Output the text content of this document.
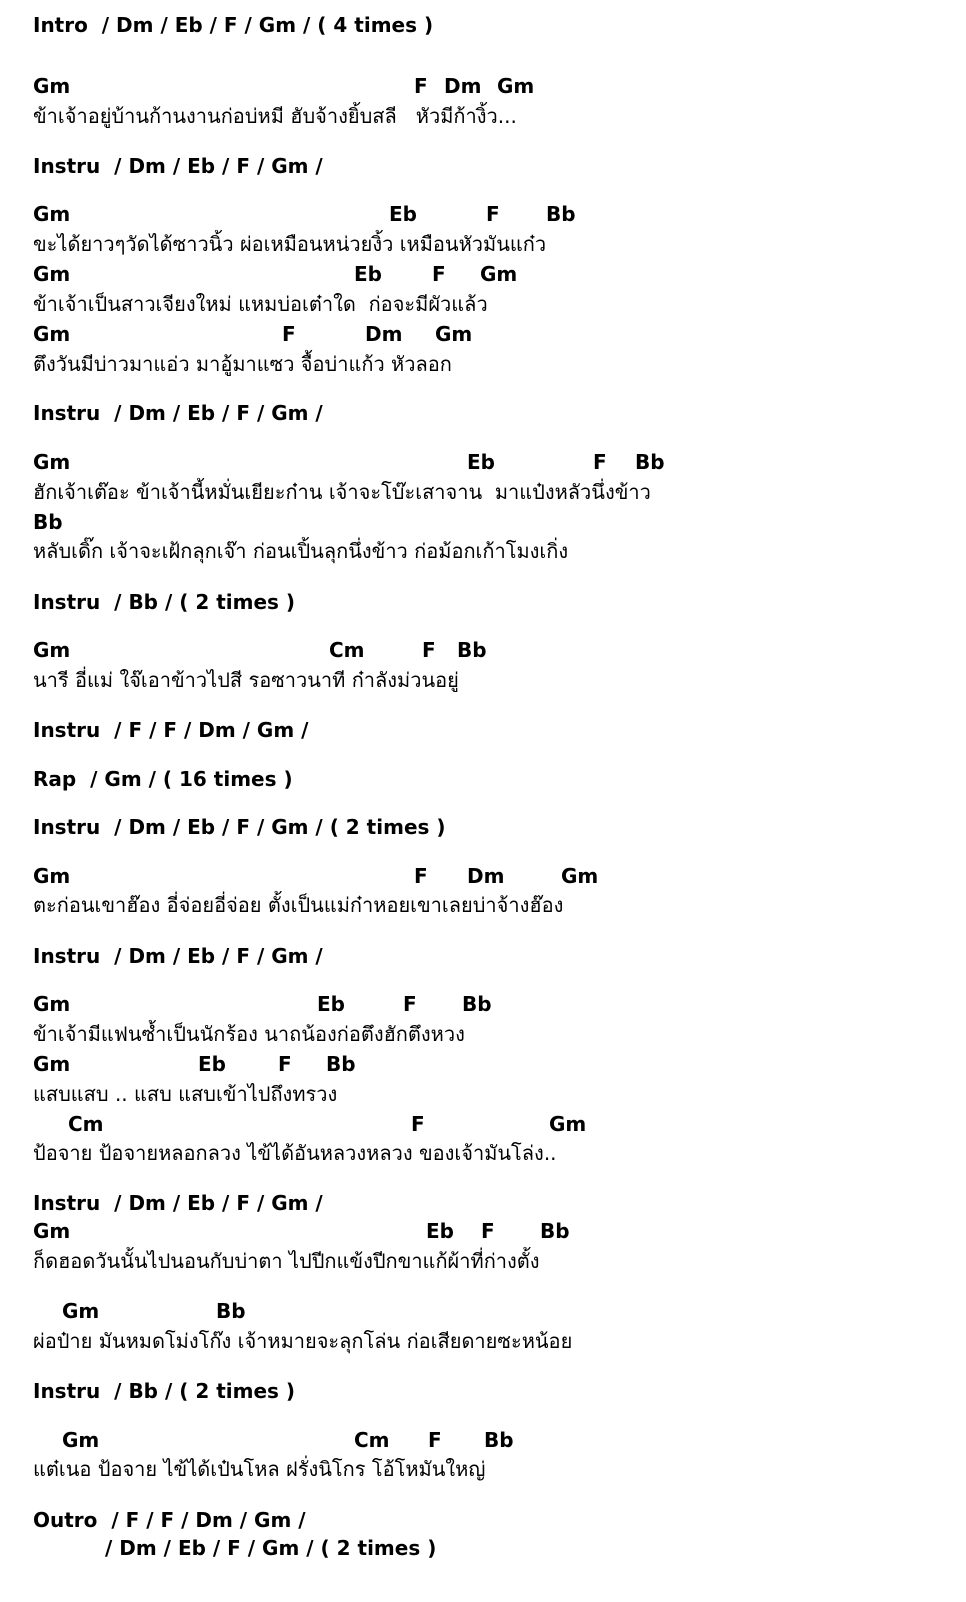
Intro  / Dm / Eb / F / Gm / ( 4 times )
Gm	F Dm Gm
ข้าเจ้าอยู่บ้านก้านงานก่อบ่หมี ฮับจ้างยิ้บสลี   หัวมีก้างิ้ว...
Instru  / Dm / Eb / F / Gm /
Gm	Eb	F Bb
ขะได้ยาวๆวัดได้ซาวนิ้ว ผ่อเหมือนหน่วยงิ้ว เหมือนหัวมันแก๋ว
Gm	Eb	F Gm
ข้าเจ้าเป็นสาวเจียงใหม่ แหมบ่อเต๋าใด  ก่อจะมีผัวแล้ว
Gm	F	Dm Gm
ตึงวันมีบ่าวมาแอ่ว มาอู้มาแซว จื้อบ่าแก้ว หัวลอก
Instru  / Dm / Eb / F / Gm /
Gm	Eb	F Bb
ฮักเจ้าเต๊อะ ข้าเจ้านี้หมั่นเยียะก๋าน เจ้าจะโบ๊ะเสาจาน  มาแป๋งหลัวนึ่งข้าว
Bb
หลับเดิ๊ก เจ้าจะเฝ้กลุกเจ๊า ก่อนเปิ้นลุกนึ่งข้าว ก่อม้อกเก้าโมงเกิ่ง
Instru  / Bb / ( 2 times )
Gm	Cm	F Bb
นารี อี่แม่ ใจ๊เอาข้าวไปสี รอซาวนาที ก๋าลังม่วนอยู่
Instru  / F / F / Dm / Gm /
Rap  / Gm / ( 16 times )
Instru  / Dm / Eb / F / Gm / ( 2 times )
Gm	F Dm	Gm
ตะก่อนเขาฮ๊อง อี่จ่อยอี่จ่อย ตั้งเป็นแม่ก๋าหอยเขาเลยบ่าจ้างฮ๊อง
Instru  / Dm / Eb / F / Gm /
Gm	Eb	F Bb
ข้าเจ้ามีแฟนซ้ำเป็นนักร้อง นาถน้องก่อตึงฮักตึงหวง
Gm	Eb	F Bb
แสบแสบ .. แสบ แสบเข้าไปถึงทรวง
Cm	F	Gm
ป้อจาย ป้อจายหลอกลวง ไข้ได้อันหลวงหลวง ของเจ้ามันโล่ง..
Instru  / Dm / Eb / F / Gm /
Gm	Eb F Bb
ก็ดฮอดวันนั้นไปนอนกับบ่าตา ไปปีกแข้งปีกขาแก้ผ้าที่ก่างตั้ง
Gm	Bb
ผ่อป๋าย มันหมดโม่งโก๊ง เจ้าหมายจะลุกโล่น ก่อเสียดายซะหน้อย
Instru  / Bb / ( 2 times )
Gm	Cm F Bb
แต๋เนอ ป้อจาย ไข้ได้เป๋นโหล ฝรั่งนิโกร โอ้โหมันใหญ่
Outro  / F / F / Dm / Gm /
/ Dm / Eb / F / Gm / ( 2 times )
